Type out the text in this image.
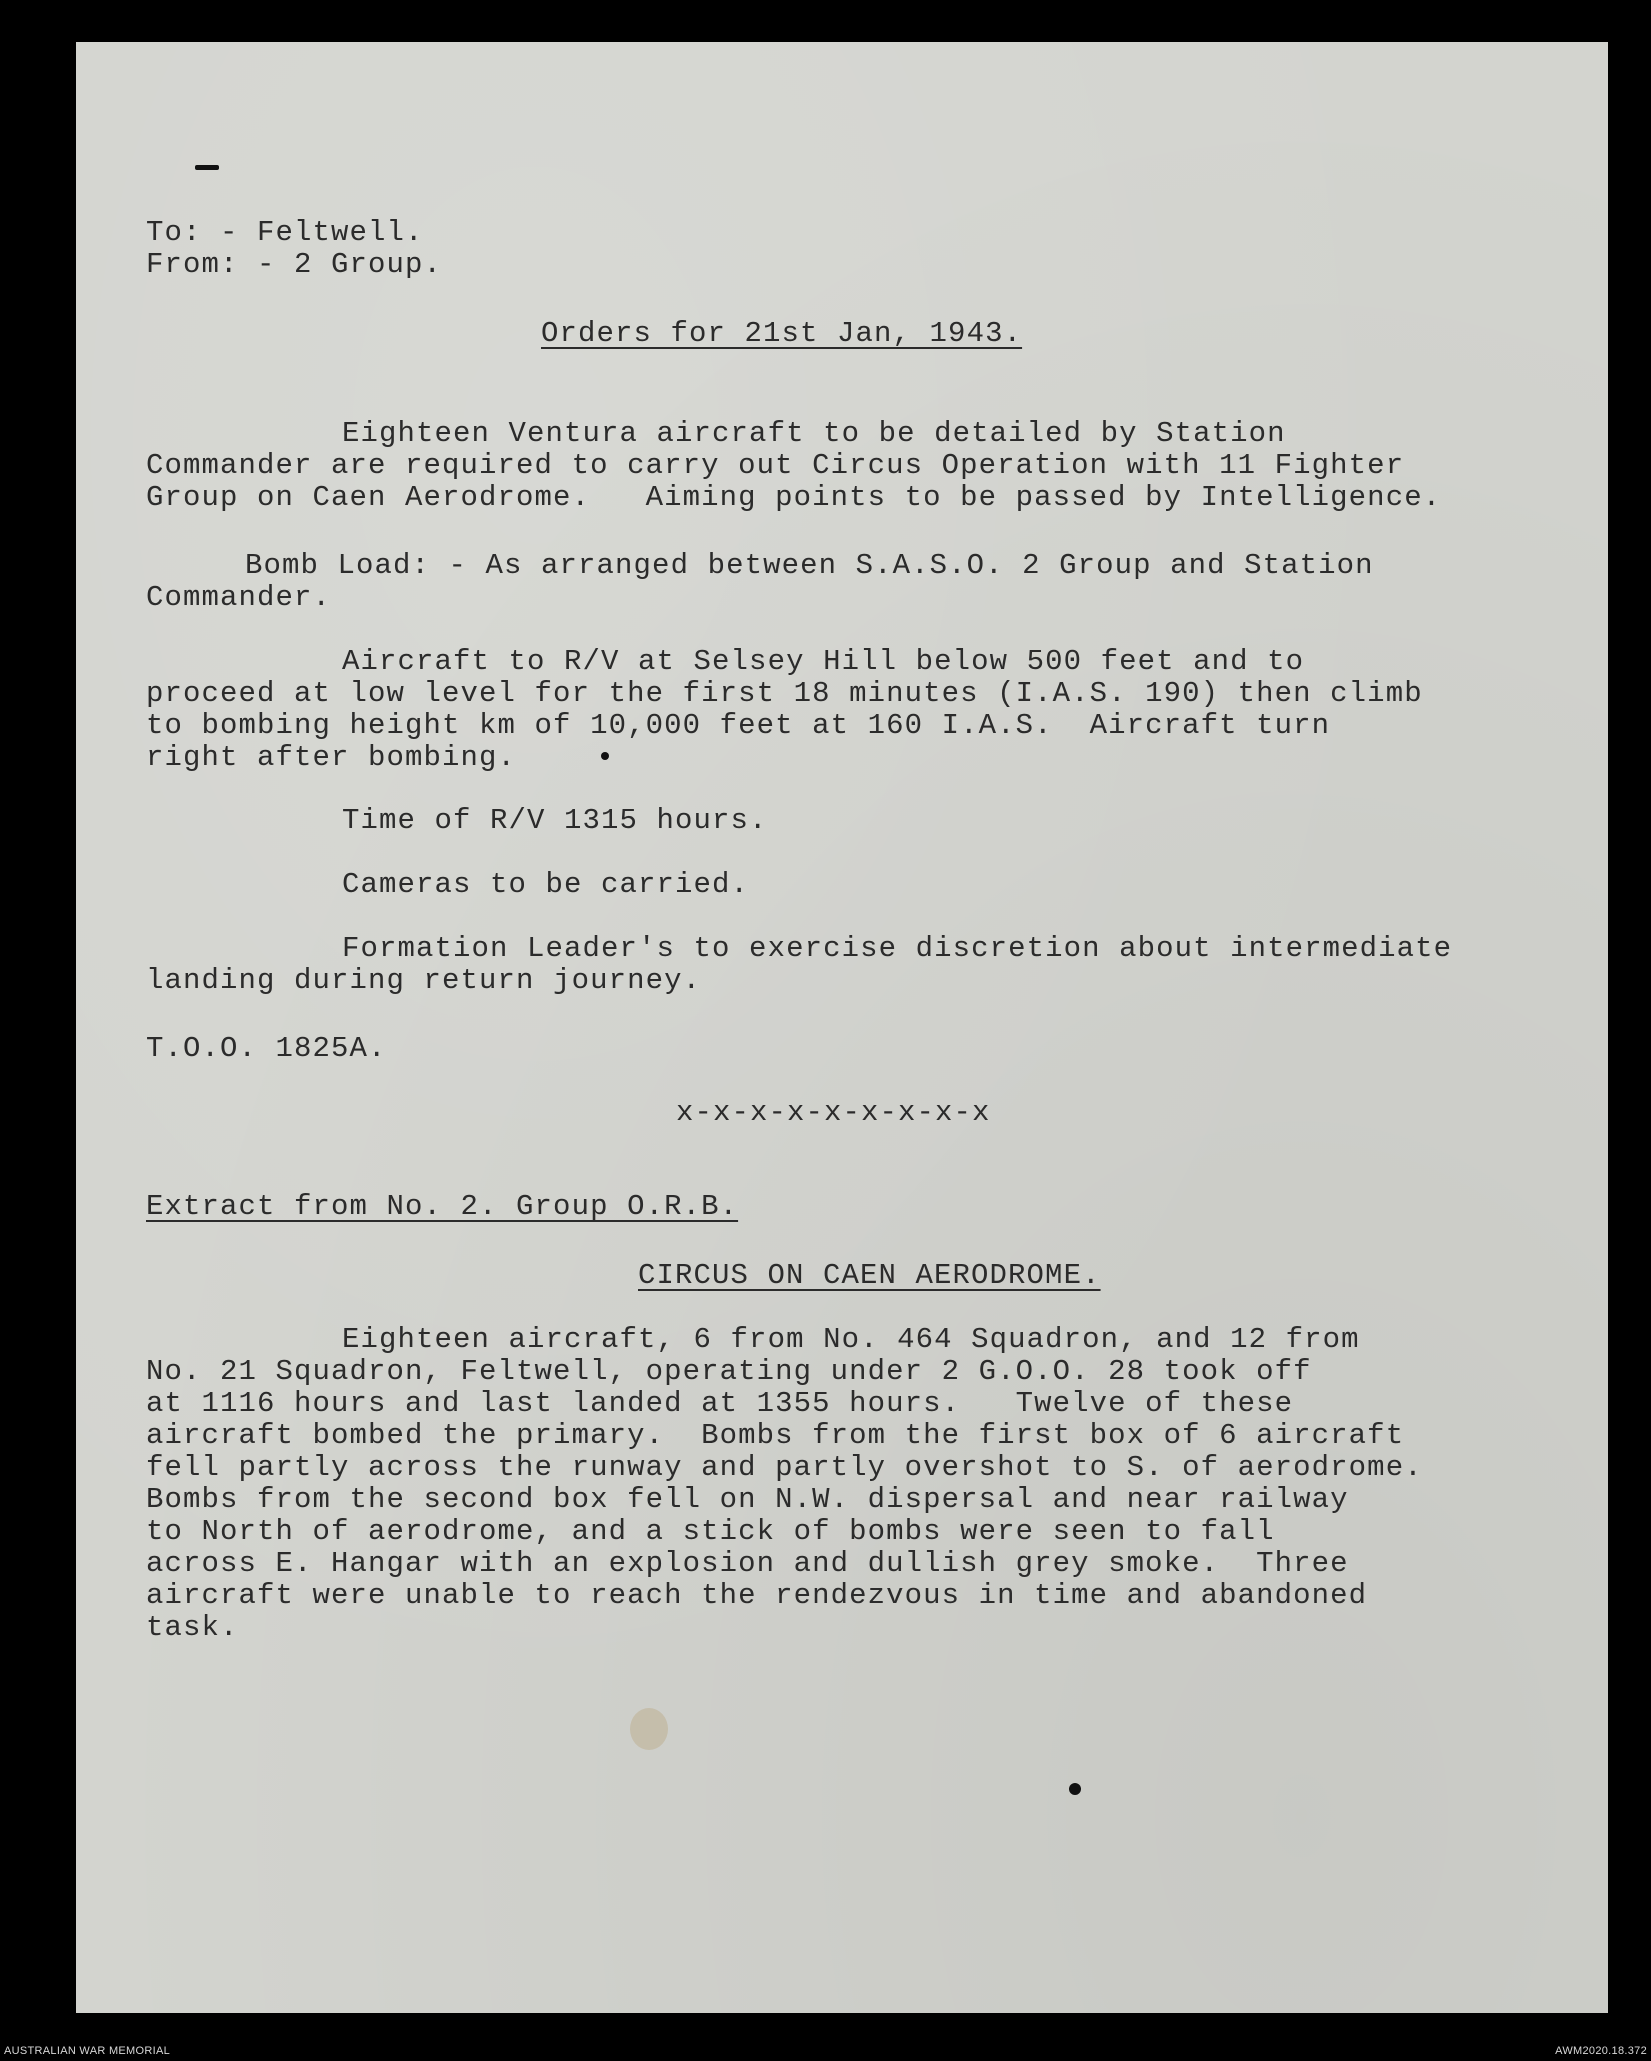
To: - Feltwell.
From: - 2 Group.
Orders for 21st Jan, 1943.
Eighteen Ventura aircraft to be detailed by Station
Commander are required to carry out Circus Operation with 11 Fighter
Group on Caen Aerodrome.   Aiming points to be passed by Intelligence.
Bomb Load: - As arranged between S.A.S.O. 2 Group and Station
Commander.
Aircraft to R/V at Selsey Hill below 500 feet and to
proceed at low level for the first 18 minutes (I.A.S. 190) then climb
to bombing height km of 10,000 feet at 160 I.A.S.  Aircraft turn
right after bombing.
Time of R/V 1315 hours.
Cameras to be carried.
Formation Leader's to exercise discretion about intermediate
landing during return journey.
T.O.O. 1825A.
x-x-x-x-x-x-x-x-x
Extract from No. 2. Group O.R.B.
CIRCUS ON CAEN AERODROME.
Eighteen aircraft, 6 from No. 464 Squadron, and 12 from
No. 21 Squadron, Feltwell, operating under 2 G.O.O. 28 took off
at 1116 hours and last landed at 1355 hours.   Twelve of these
aircraft bombed the primary.  Bombs from the first box of 6 aircraft
fell partly across the runway and partly overshot to S. of aerodrome.
Bombs from the second box fell on N.W. dispersal and near railway
to North of aerodrome, and a stick of bombs were seen to fall
across E. Hangar with an explosion and dullish grey smoke.  Three
aircraft were unable to reach the rendezvous in time and abandoned
task.
AUSTRALIAN WAR MEMORIAL	AWM2020.18.372
